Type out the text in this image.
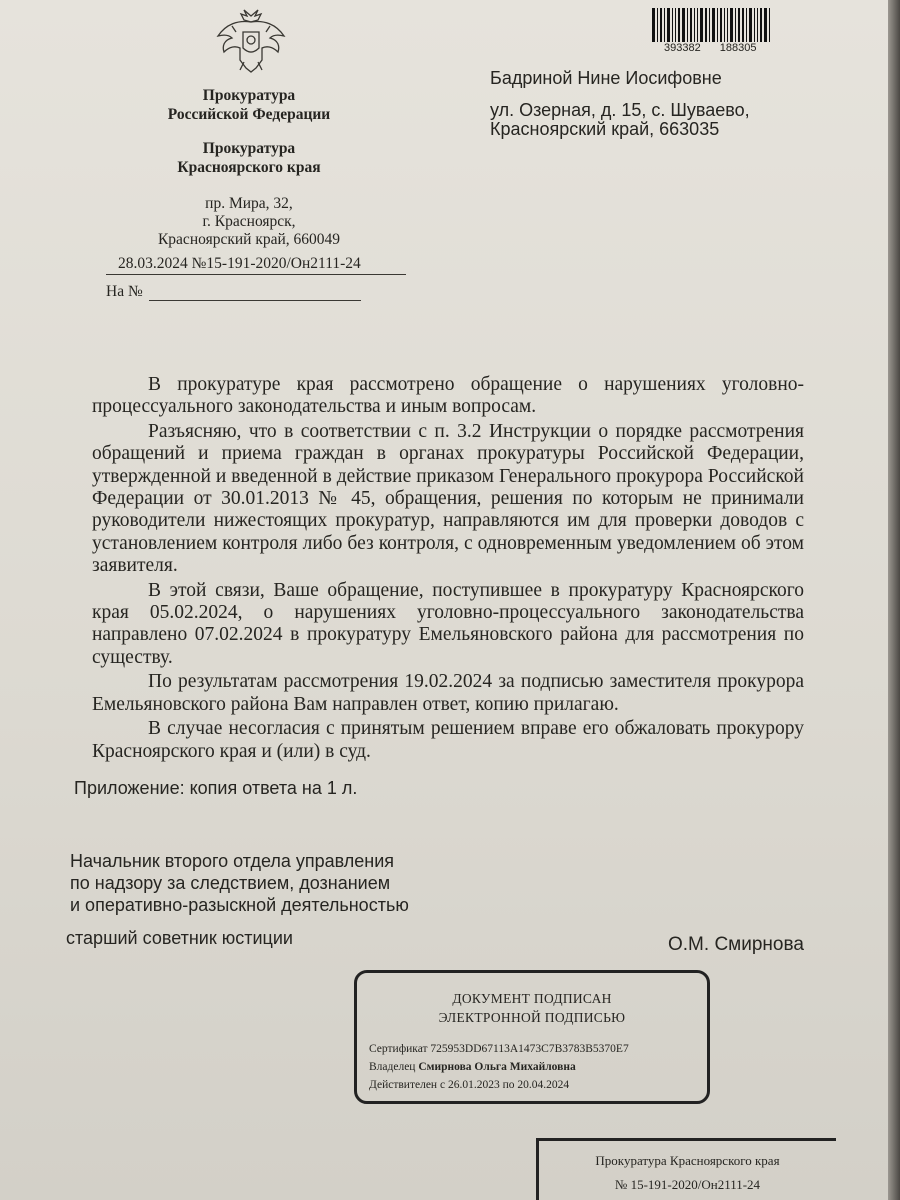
Прокуратура
Российской Федерации
Прокуратура
Красноярского края
пр. Мира, 32,
г. Красноярск,
Красноярский край, 660049
28.03.2024 №15-191-2020/Он2111-24
На №
393382 188305
Бадриной Нине Иосифовне
ул. Озерная, д. 15, с. Шуваево,
Красноярский край, 663035

В прокуратуре края рассмотрено обращение о нарушениях уголовно-процессуального законодательства и иным вопросам.

Разъясняю, что в соответствии с п. 3.2 Инструкции о порядке рассмотрения обращений и приема граждан в органах прокуратуры Российской Федерации, утвержденной и введенной в действие приказом Генерального прокурора Российской Федерации от 30.01.2013 № 45, обращения, решения по которым не принимали руководители нижестоящих прокуратур, направляются им для проверки доводов с установлением контроля либо без контроля, с одновременным уведомлением об этом заявителя.

В этой связи, Ваше обращение, поступившее в прокуратуру Красноярского края 05.02.2024, о нарушениях уголовно-процессуального законодательства направлено 07.02.2024 в прокуратуру Емельяновского района для рассмотрения по существу.

По результатам рассмотрения 19.02.2024 за подписью заместителя прокурора Емельяновского района Вам направлен ответ, копию прилагаю.

В случае несогласия с принятым решением вправе его обжаловать прокурору Красноярского края и (или) в суд.

Приложение: копия ответа на 1 л.
Начальник второго отдела управления
по надзору за следствием, дознанием
и оперативно-разыскной деятельностью
старший советник юстиции	О.М. Смирнова
ДОКУМЕНТ ПОДПИСАН
ЭЛЕКТРОННОЙ ПОДПИСЬЮ
Сертификат 725953DD67113A1473C7B3783B5370E7
Владелец Смирнова Ольга Михайловна
Действителен с 26.01.2023 по 20.04.2024
Прокуратура Красноярского края
№ 15-191-2020/Он2111-24
